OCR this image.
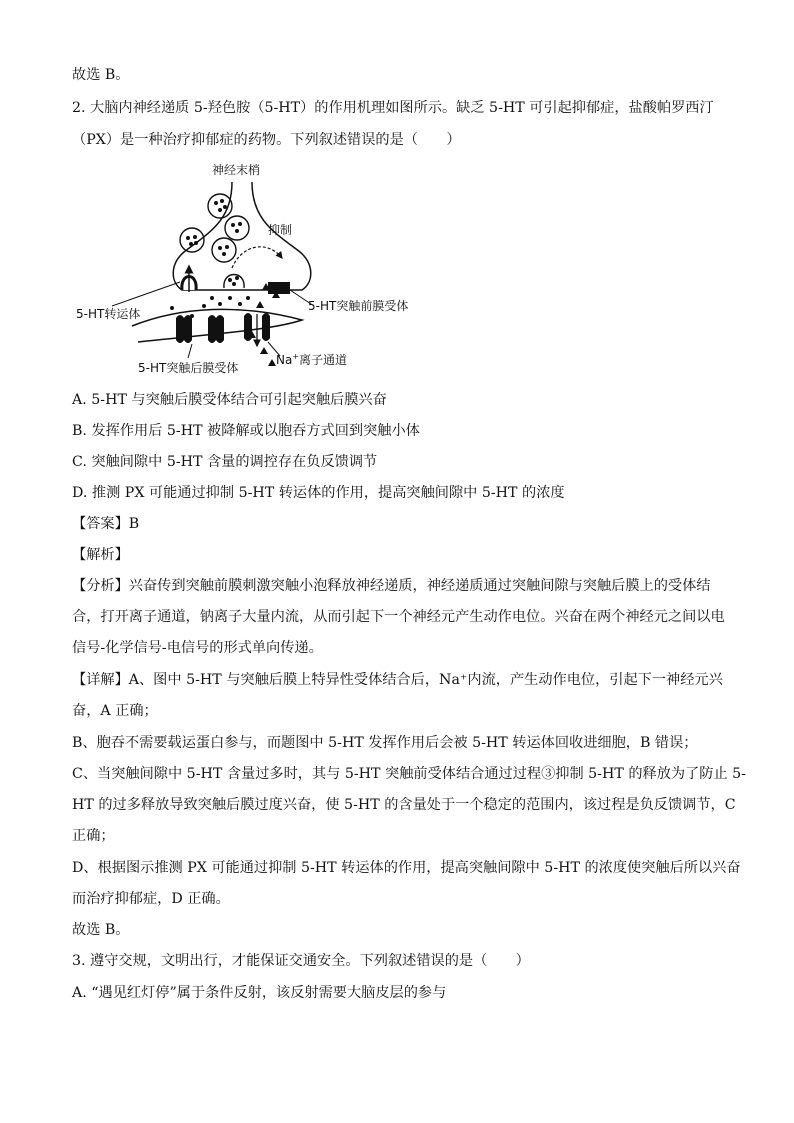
故选 B。
2. 大脑内神经递质 5-羟色胺（5-HT）的作用机理如图所示。缺乏 5-HT 可引起抑郁症，盐酸帕罗西汀
（PX）是一种治疗抑郁症的药物。下列叙述错误的是（　　）
神经末梢
抑制
5-HT突触前膜受体
5-HT转运体
5-HT突触后膜受体
Na+离子通道
A. 5-HT 与突触后膜受体结合可引起突触后膜兴奋
B. 发挥作用后 5-HT 被降解或以胞吞方式回到突触小体
C. 突触间隙中 5-HT 含量的调控存在负反馈调节
D. 推测 PX 可能通过抑制 5-HT 转运体的作用，提高突触间隙中 5-HT 的浓度
【答案】B
【解析】
【分析】兴奋传到突触前膜刺激突触小泡释放神经递质，神经递质通过突触间隙与突触后膜上的受体结
合，打开离子通道，钠离子大量内流，从而引起下一个神经元产生动作电位。兴奋在两个神经元之间以电
信号-化学信号-电信号的形式单向传递。
【详解】A、图中 5-HT 与突触后膜上特异性受体结合后，Na⁺内流，产生动作电位，引起下一神经元兴
奋，A 正确；
B、胞吞不需要载运蛋白参与，而题图中 5-HT 发挥作用后会被 5-HT 转运体回收进细胞，B 错误；
C、当突触间隙中 5-HT 含量过多时，其与 5-HT 突触前受体结合通过过程③抑制 5-HT 的释放为了防止 5-
HT 的过多释放导致突触后膜过度兴奋，使 5-HT 的含量处于一个稳定的范围内，该过程是负反馈调节，C
正确；
D、根据图示推测 PX 可能通过抑制 5-HT 转运体的作用，提高突触间隙中 5-HT 的浓度使突触后所以兴奋
而治疗抑郁症，D 正确。
故选 B。
3. 遵守交规，文明出行，才能保证交通安全。下列叙述错误的是（　　）
A. “遇见红灯停”属于条件反射，该反射需要大脑皮层的参与
